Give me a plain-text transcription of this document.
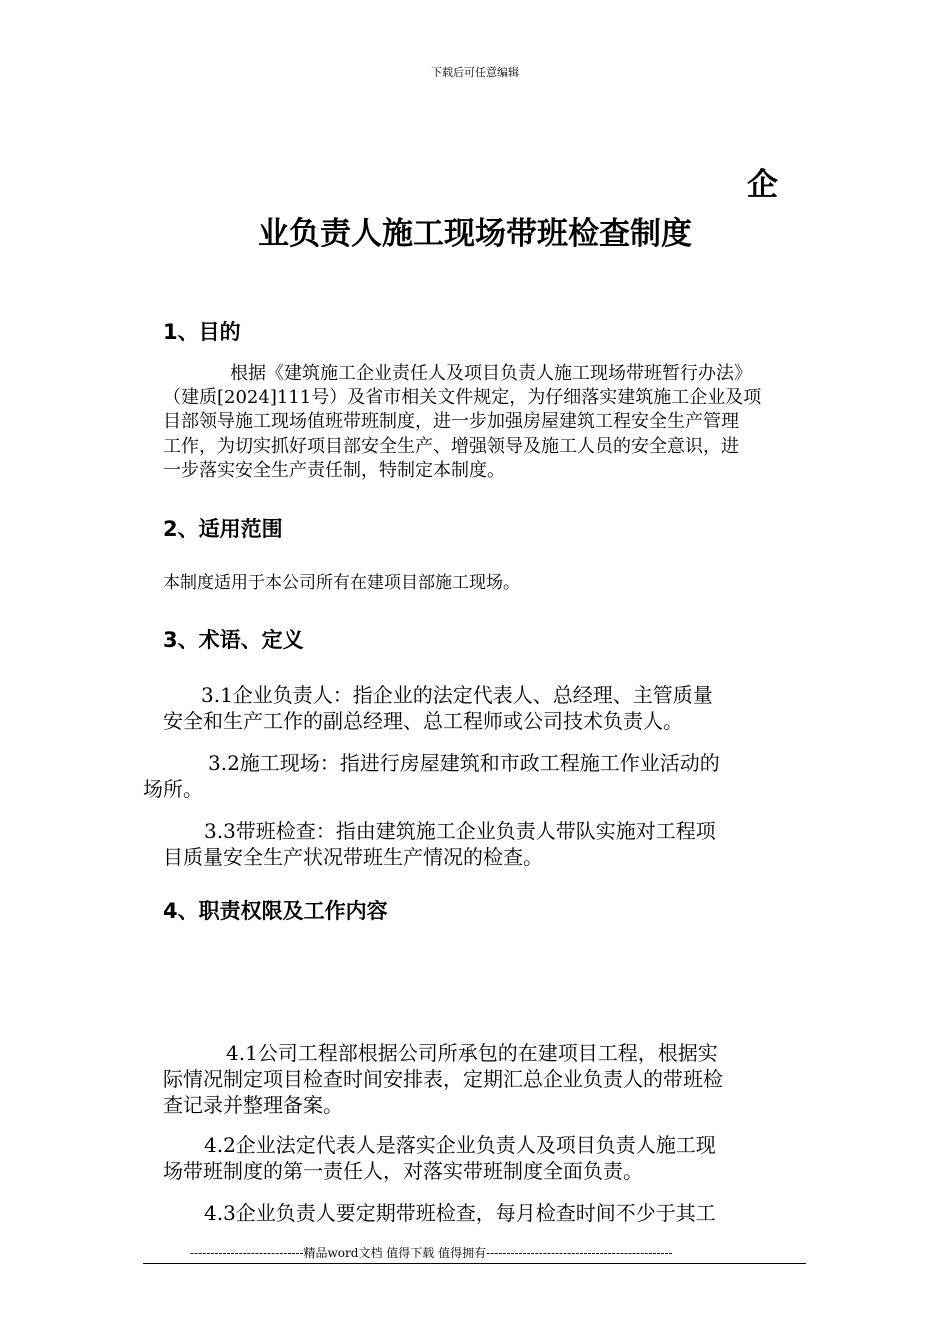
下载后可任意编辑
企
业负责人施工现场带班检查制度
1、目的
根据《建筑施工企业责任人及项目负责人施工现场带班暂行办法》
（建质[2024]111号）及省市相关文件规定，为仔细落实建筑施工企业及项
目部领导施工现场值班带班制度，进一步加强房屋建筑工程安全生产管理
工作，为切实抓好项目部安全生产、增强领导及施工人员的安全意识，进
一步落实安全生产责任制，特制定本制度。
2、适用范围
本制度适用于本公司所有在建项目部施工现场。
3、术语、定义
3.1企业负责人：指企业的法定代表人、总经理、主管质量
安全和生产工作的副总经理、总工程师或公司技术负责人。
3.2施工现场：指进行房屋建筑和市政工程施工作业活动的
场所。
3.3带班检查：指由建筑施工企业负责人带队实施对工程项
目质量安全生产状况带班生产情况的检查。
4、职责权限及工作内容
4.1公司工程部根据公司所承包的在建项目工程，根据实
际情况制定项目检查时间安排表，定期汇总企业负责人的带班检
查记录并整理备案。
4.2企业法定代表人是落实企业负责人及项目负责人施工现
场带班制度的第一责任人，对落实带班制度全面负责。
4.3企业负责人要定期带班检查，每月检查时间不少于其工
----------------------------精品word文档 值得下载 值得拥有----------------------------------------------
